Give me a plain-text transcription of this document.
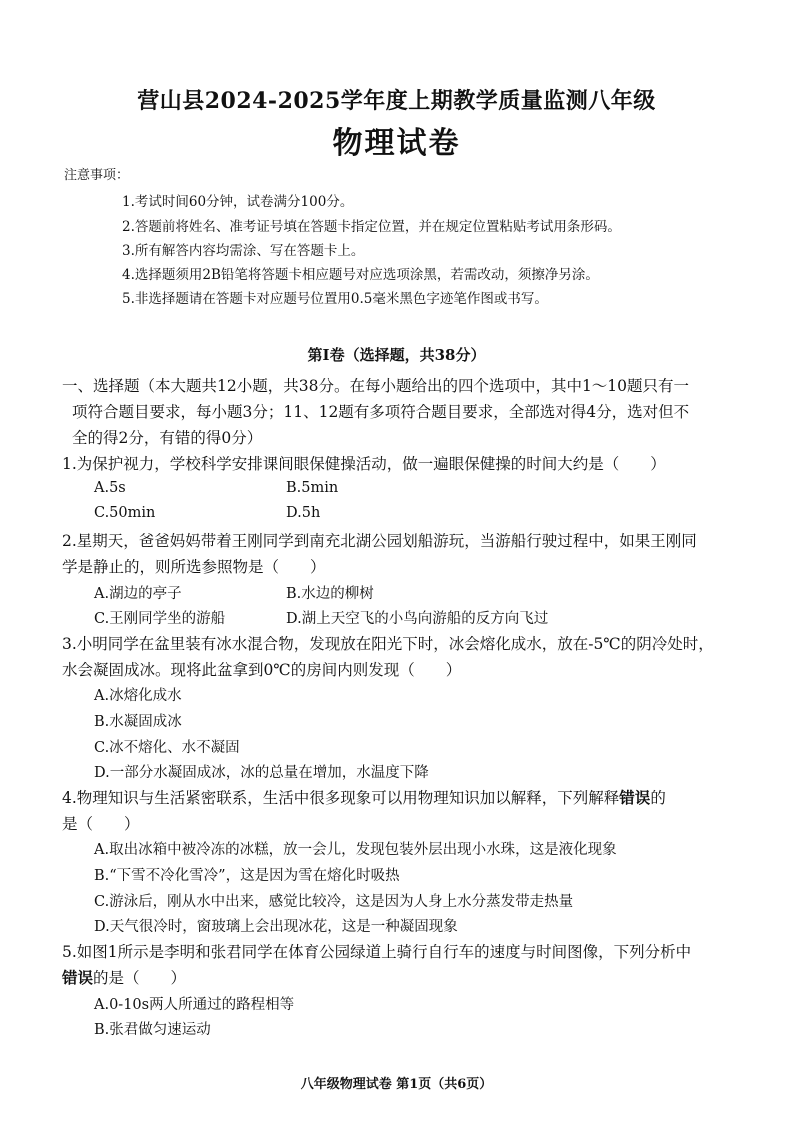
营山县2024-2025学年度上期教学质量监测八年级
物理试卷
注意事项：
1.考试时间60分钟，试卷满分100分。
2.答题前将姓名、准考证号填在答题卡指定位置，并在规定位置粘贴考试用条形码。
3.所有解答内容均需涂、写在答题卡上。
4.选择题须用2B铅笔将答题卡相应题号对应选项涂黑，若需改动，须擦净另涂。
5.非选择题请在答题卡对应题号位置用0.5毫米黑色字迹笔作图或书写。
第Ⅰ卷（选择题，共38分）
一、选择题（本大题共12小题，共38分。在每小题给出的四个选项中，其中1～10题只有一
项符合题目要求，每小题3分；11、12题有多项符合题目要求，全部选对得4分，选对但不
全的得2分，有错的得0分）
1.为保护视力，学校科学安排课间眼保健操活动，做一遍眼保健操的时间大约是（　　）
A.5s	B.5min
C.50min	D.5h
2.星期天，爸爸妈妈带着王刚同学到南充北湖公园划船游玩，当游船行驶过程中，如果王刚同
学是静止的，则所选参照物是（　　）
A.湖边的亭子	B.水边的柳树
C.王刚同学坐的游船	D.湖上天空飞的小鸟向游船的反方向飞过
3.小明同学在盆里装有冰水混合物，发现放在阳光下时，冰会熔化成水，放在-5℃的阴冷处时，
水会凝固成冰。现将此盆拿到0℃的房间内则发现（　　）
A.冰熔化成水
B.水凝固成冰
C.冰不熔化、水不凝固
D.一部分水凝固成冰，冰的总量在增加，水温度下降
4.物理知识与生活紧密联系，生活中很多现象可以用物理知识加以解释，下列解释错误的
是（　　）
A.取出冰箱中被冷冻的冰糕，放一会儿，发现包装外层出现小水珠，这是液化现象
B.“下雪不冷化雪冷”，这是因为雪在熔化时吸热
C.游泳后，刚从水中出来，感觉比较冷，这是因为人身上水分蒸发带走热量
D.天气很冷时，窗玻璃上会出现冰花，这是一种凝固现象
5.如图1所示是李明和张君同学在体育公园绿道上骑行自行车的速度与时间图像，下列分析中
错误的是（　　）
A.0-10s两人所通过的路程相等
B.张君做匀速运动
八年级物理试卷 第1页（共6页）
